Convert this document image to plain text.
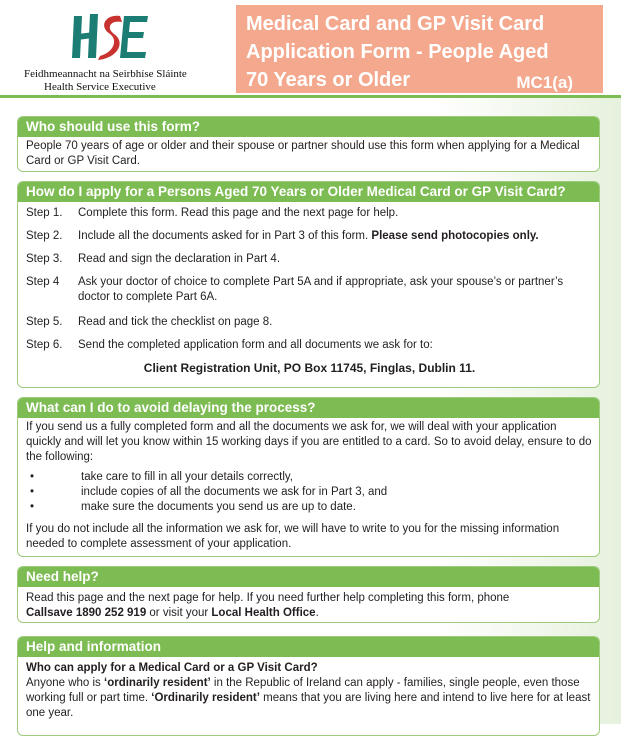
Feidhmeannacht na Seirbhíse Sláinte
Health Service Executive
Medical Card and GP Visit Card
Application Form - People Aged
70 Years or Older	MC1(a)
Who should use this form?

People 70 years of age or older and their spouse or partner should use this form when applying for a Medical Card or GP Visit Card.

How do I apply for a Persons Aged 70 Years or Older Medical Card or GP Visit Card?
Step 1. Complete this form. Read this page and the next page for help.
Step 2. Include all the documents asked for in Part 3 of this form. Please send photocopies only.
Step 3. Read and sign the declaration in Part 4.
Step 4 Ask your doctor of choice to complete Part 5A and if appropriate, ask your spouse’s or partner’s doctor to complete Part 6A.
Step 5. Read and tick the checklist on page 8.
Step 6. Send the completed application form and all documents we ask for to:
Client Registration Unit, PO Box 11745, Finglas, Dublin 11.
What can I do to avoid delaying the process?

If you send us a fully completed form and all the documents we ask for, we will deal with your application quickly and will let you know within 15 working days if you are entitled to a card. So to avoid delay, ensure to do the following:

•	take care to fill in all your details correctly,
•	include copies of all the documents we ask for in Part 3, and
•	make sure the documents you send us are up to date.

If you do not include all the information we ask for, we will have to write to you for the missing information needed to complete assessment of your application.

Need help?
Read this page and the next page for help. If you need further help completing this form, phone
Callsave 1890 252 919 or visit your Local Health Office.
Help and information
Who can apply for a Medical Card or a GP Visit Card?

Anyone who is ‘ordinarily resident’ in the Republic of Ireland can apply - families, single people, even those working full or part time. ‘Ordinarily resident’ means that you are living here and intend to live here for at least one year.
